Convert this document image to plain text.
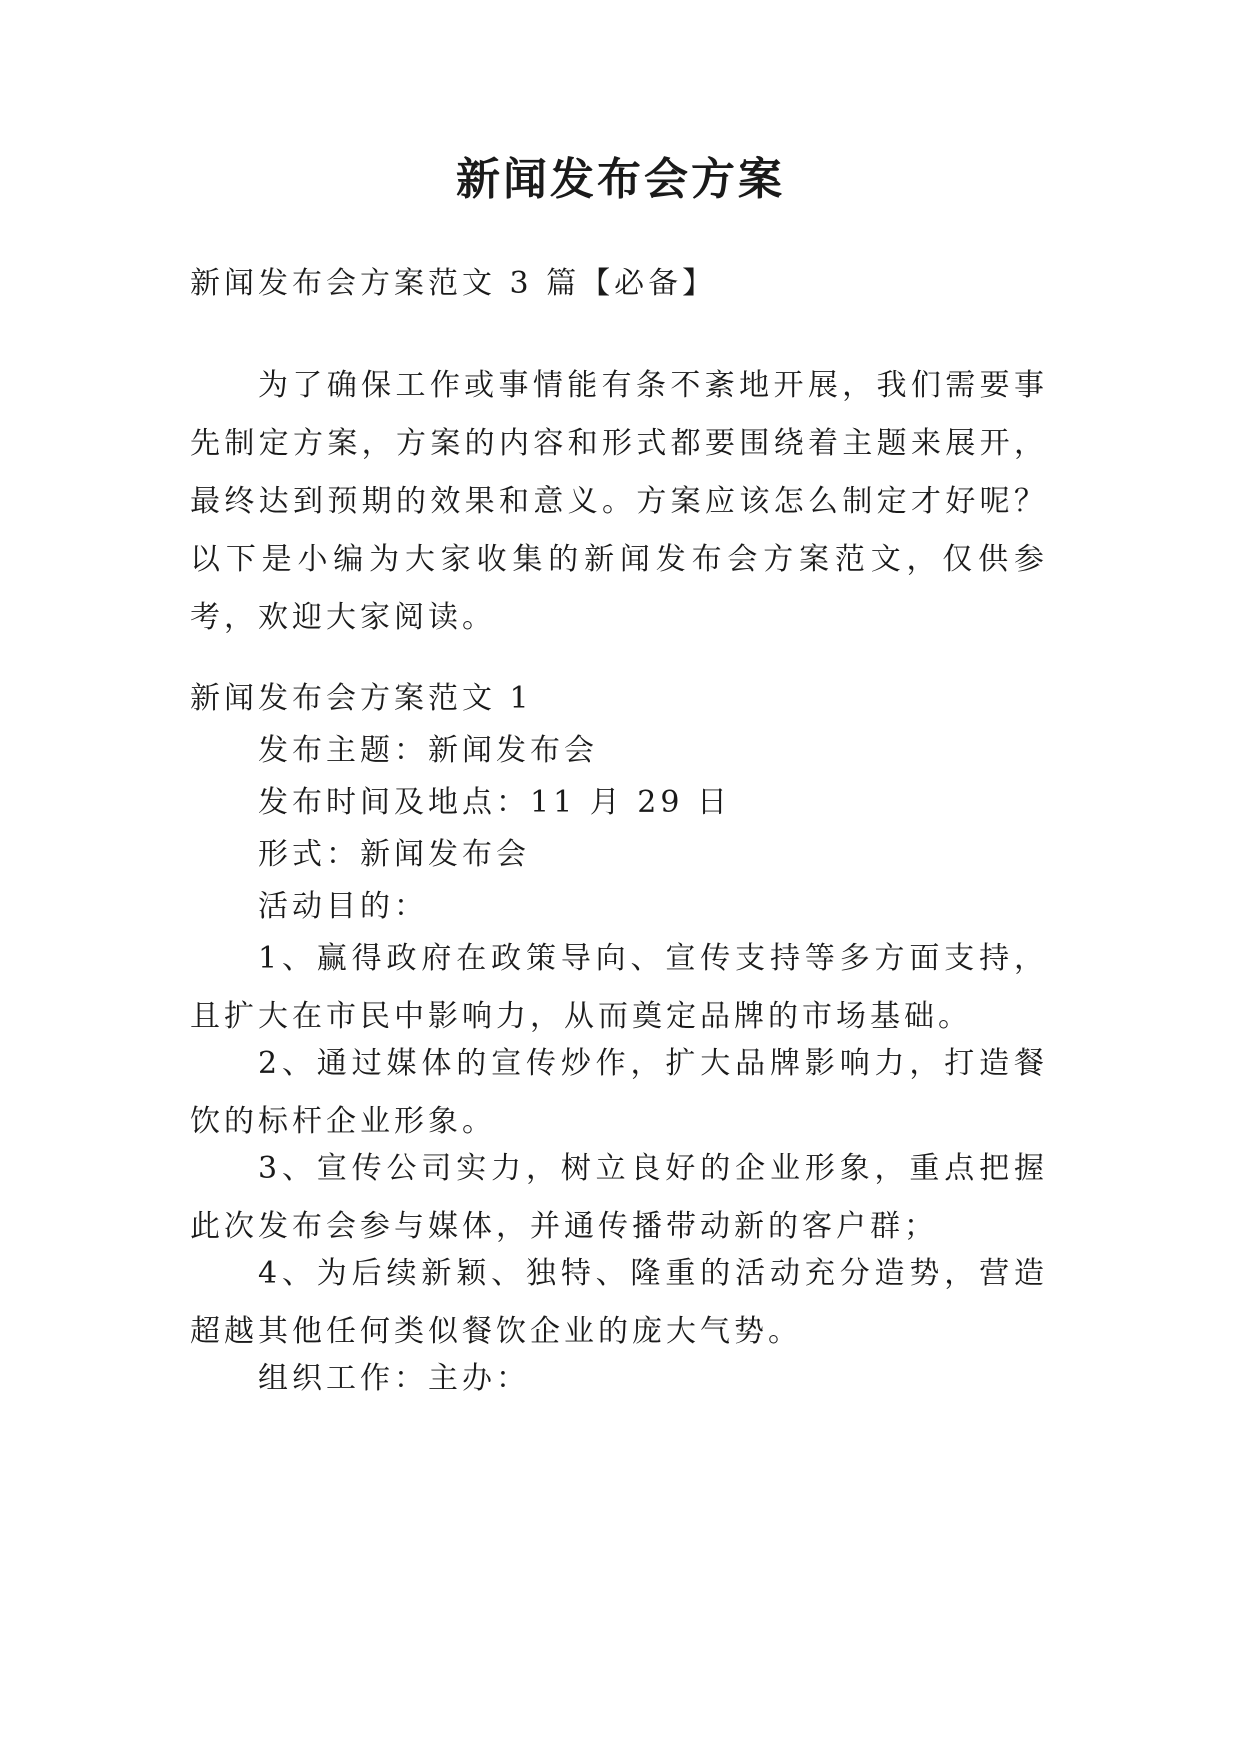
新闻发布会方案

新闻发布会方案范文 3 篇【必备】

为了确保工作或事情能有条不紊地开展，我们需要事先制定方案，方案的内容和形式都要围绕着主题来展开，最终达到预期的效果和意义。方案应该怎么制定才好呢？以下是小编为大家收集的新闻发布会方案范文，仅供参考，欢迎大家阅读。

新闻发布会方案范文 1

发布主题：新闻发布会

发布时间及地点：11 月 29 日

形式：新闻发布会

活动目的：

1、赢得政府在政策导向、宣传支持等多方面支持，且扩大在市民中影响力，从而奠定品牌的市场基础。

2、通过媒体的宣传炒作，扩大品牌影响力，打造餐饮的标杆企业形象。

3、宣传公司实力，树立良好的企业形象，重点把握此次发布会参与媒体，并通传播带动新的客户群；

4、为后续新颖、独特、隆重的活动充分造势，营造超越其他任何类似餐饮企业的庞大气势。

组织工作：主办：
